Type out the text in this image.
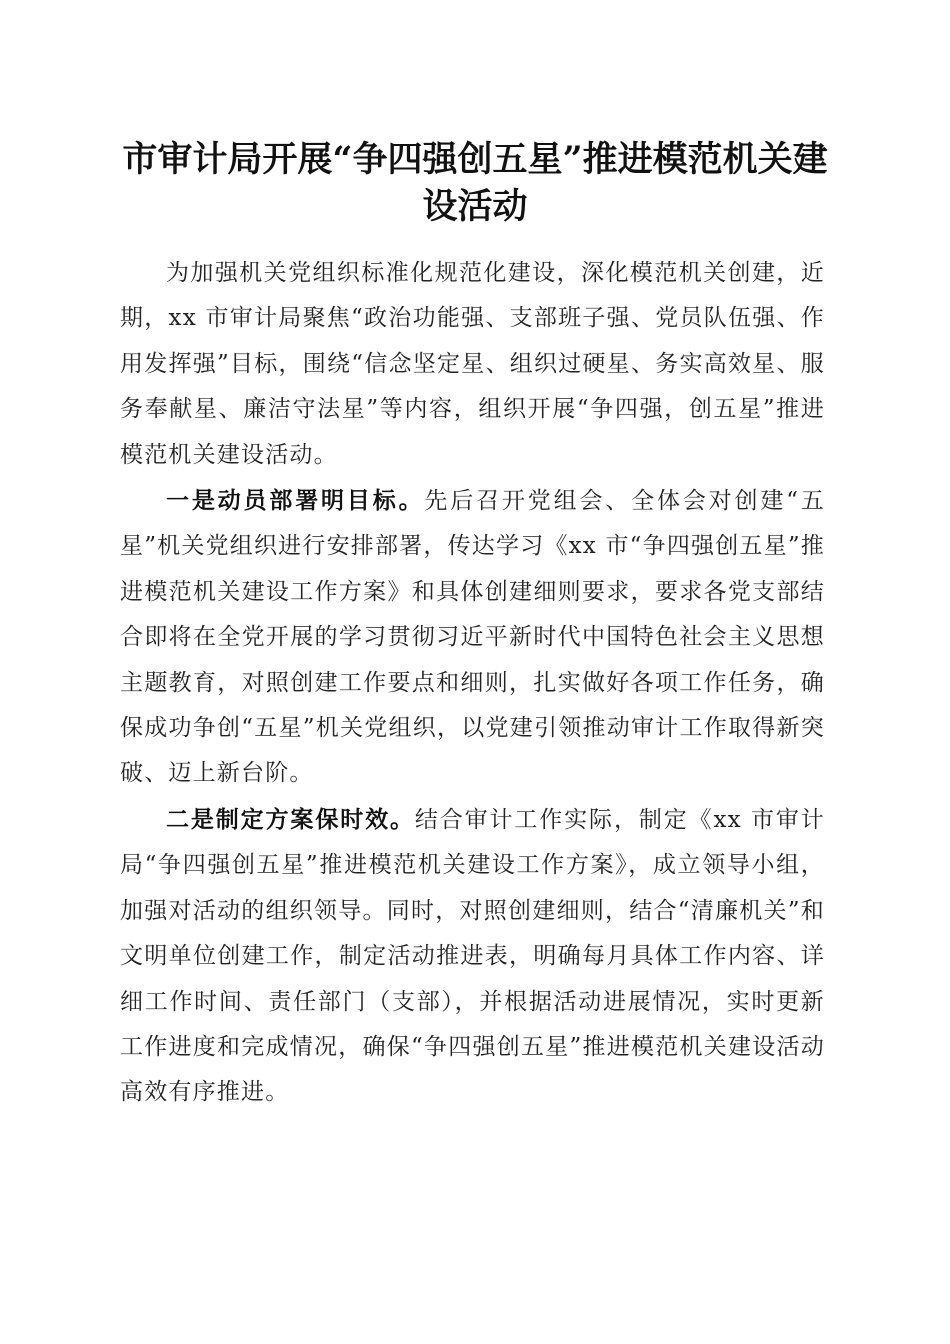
市审计局开展“争四强创五星”推进模范机关建设活动

为加强机关党组织标准化规范化建设，深化模范机关创建，近期，xx 市审计局聚焦“政治功能强、支部班子强、党员队伍强、作用发挥强”目标，围绕“信念坚定星、组织过硬星、务实高效星、服务奉献星、廉洁守法星”等内容，组织开展“争四强，创五星”推进模范机关建设活动。

一是动员部署明目标。先后召开党组会、全体会对创建“五星”机关党组织进行安排部署，传达学习《xx 市“争四强创五星”推进模范机关建设工作方案》和具体创建细则要求，要求各党支部结合即将在全党开展的学习贯彻习近平新时代中国特色社会主义思想主题教育，对照创建工作要点和细则，扎实做好各项工作任务，确保成功争创“五星”机关党组织，以党建引领推动审计工作取得新突破、迈上新台阶。

二是制定方案保时效。结合审计工作实际，制定《xx 市审计局“争四强创五星”推进模范机关建设工作方案》，成立领导小组，加强对活动的组织领导。同时，对照创建细则，结合“清廉机关”和文明单位创建工作，制定活动推进表，明确每月具体工作内容、详细工作时间、责任部门（支部），并根据活动进展情况，实时更新工作进度和完成情况，确保“争四强创五星”推进模范机关建设活动高效有序推进。
